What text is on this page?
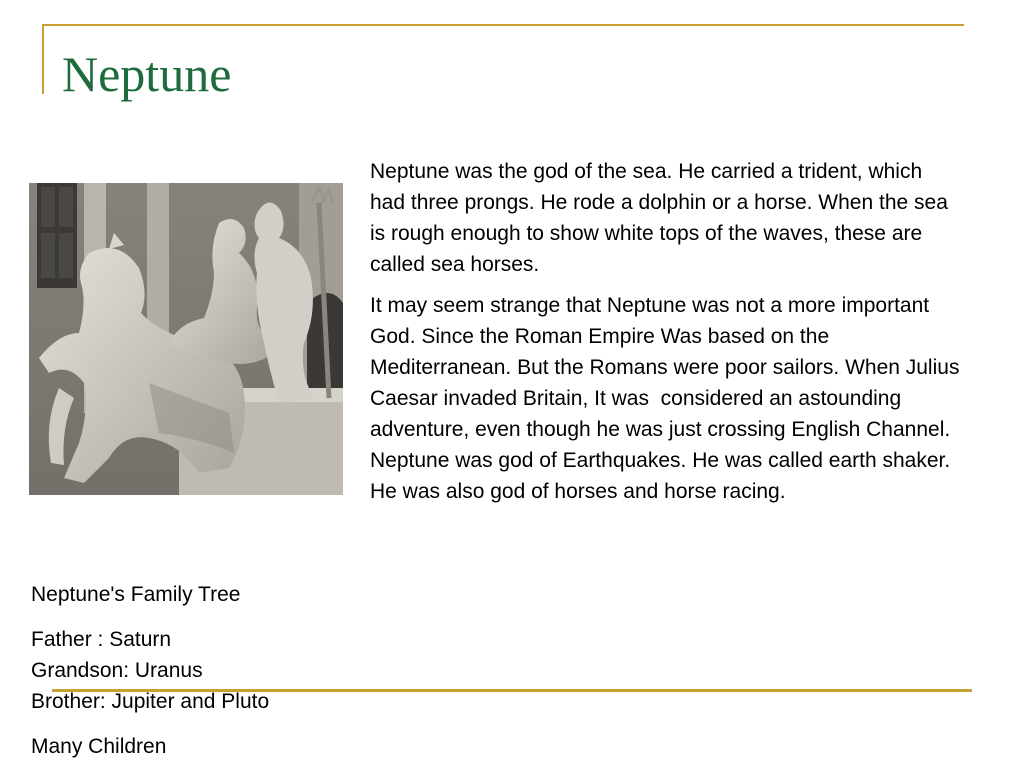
Neptune

Neptune was the god of the sea. He carried a trident, which had three prongs. He rode a dolphin or a horse. When the sea is rough enough to show white tops of the waves, these are called sea horses.

It may seem strange that Neptune was not a more important God. Since the Roman Empire Was based on the Mediterranean. But the Romans were poor sailors. When Julius Caesar invaded Britain, It was  considered an astounding adventure, even though he was just crossing English Channel. Neptune was god of Earthquakes. He was called earth shaker. He was also god of horses and horse racing.

Neptune's Family Tree

Father : Saturn

Grandson: Uranus

Brother: Jupiter and Pluto

Many Children
